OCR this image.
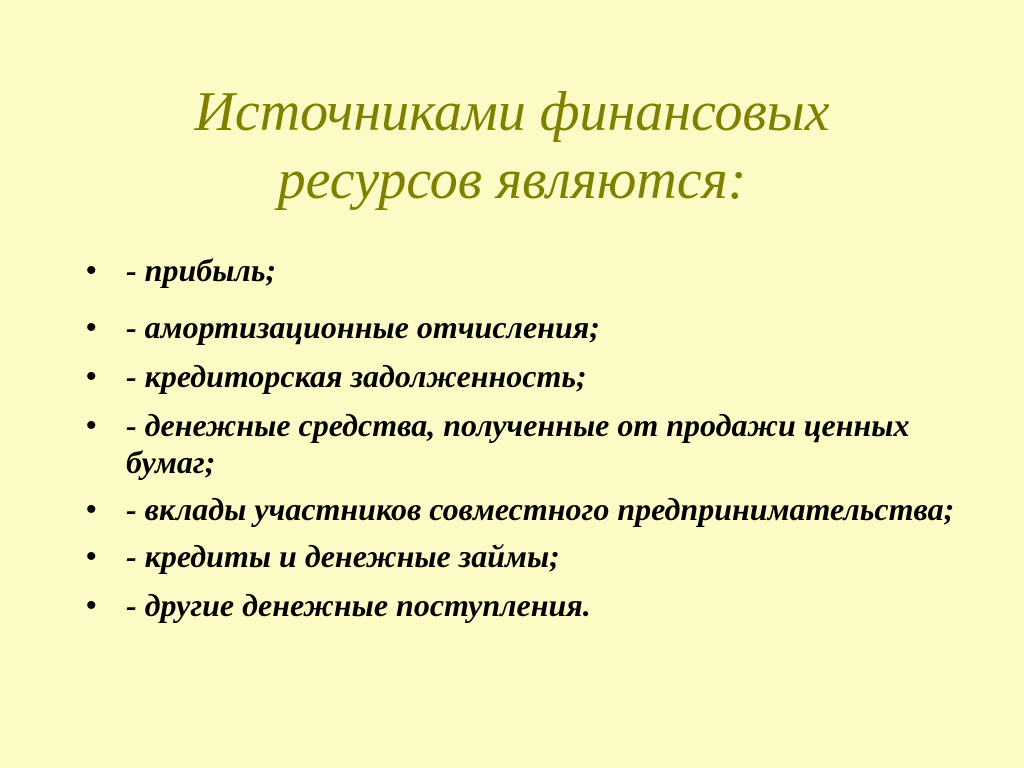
Источниками финансовых
ресурсов являются:
• - прибыль;
• - амортизационные отчисления;
• - кредиторская задолженность;
• - денежные средства, полученные от продажи ценных бумаг;
• - вклады участников совместного предпринимательства;
• - кредиты и денежные займы;
• - другие денежные поступления.
